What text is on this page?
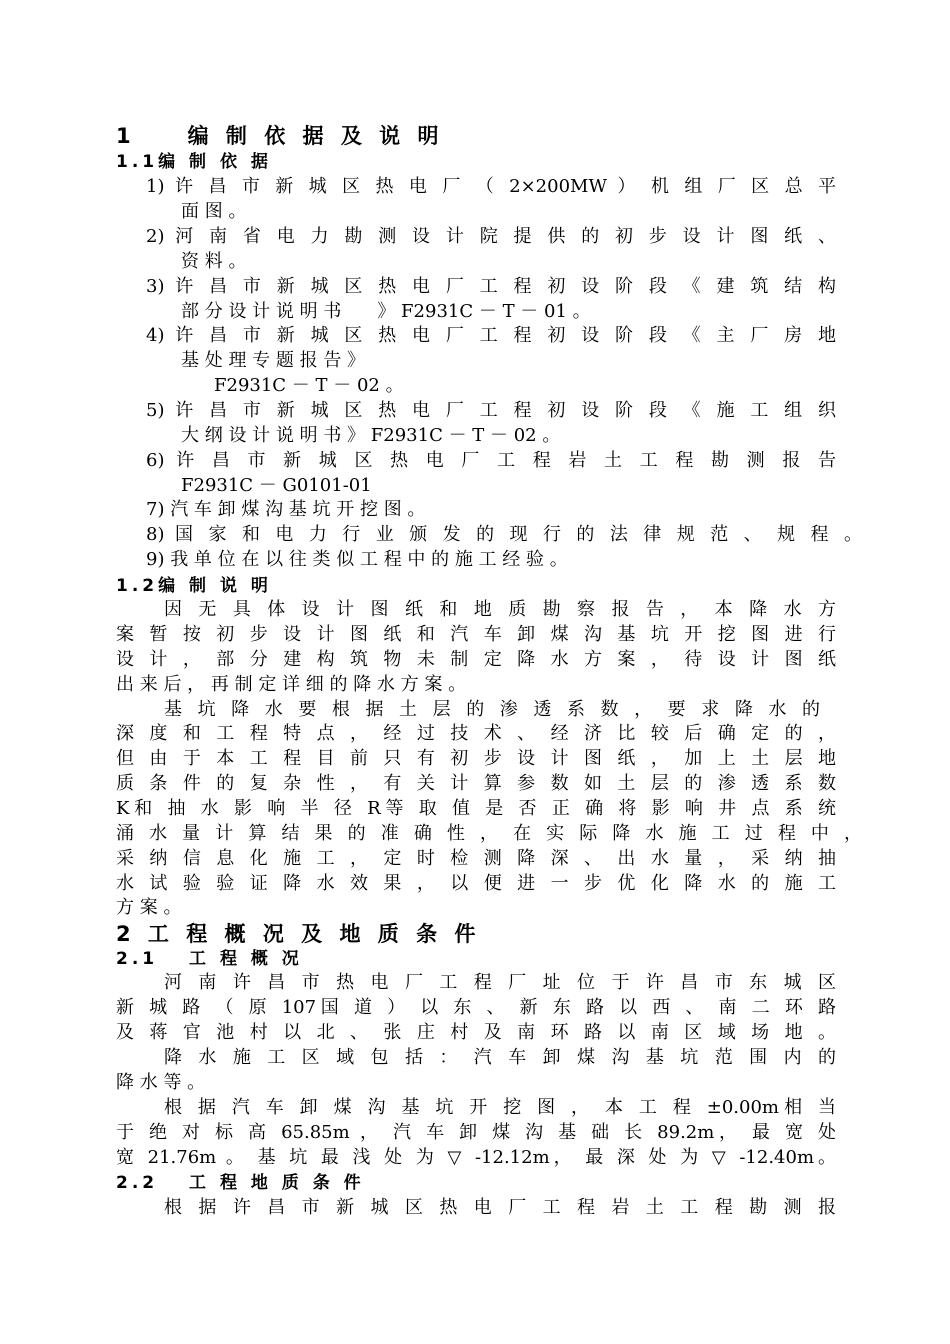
1　　编 制 依 据 及 说 明
1.1编 制 依 据
1) 许 昌 市 新 城 区 热 电 厂 （ 2×200MW ） 机 组 厂 区 总 平
面 图 。
2) 河 南 省 电 力 勘 测 设 计 院 提 供 的 初 步 设 计 图 纸 、
资 料 。
3) 许 昌 市 新 城 区 热 电 厂 工 程 初 设 阶 段 《 建 筑 结 构
部 分 设 计 说 明 书　　》 F2931C － T － 01 。
4) 许 昌 市 新 城 区 热 电 厂 工 程 初 设 阶 段 《 主 厂 房 地
基 处 理 专 题 报 告 》
F2931C － T － 02 。
5) 许 昌 市 新 城 区 热 电 厂 工 程 初 设 阶 段 《 施 工 组 织
大 纲 设 计 说 明 书 》 F2931C － T － 02 。
6) 许 昌 市 新 城 区 热 电 厂 工 程 岩 土 工 程 勘 测 报 告
F2931C － G0101-01
7) 汽 车 卸 煤 沟 基 坑 开 挖 图 。
8) 国 家 和 电 力 行 业 颁 发 的 现 行 的 法 律 规 范 、 规 程 。
9) 我 单 位 在 以 往 类 似 工 程 中 的 施 工 经 验 。
1.2编 制 说 明
因 无 具 体 设 计 图 纸 和 地 质 勘 察 报 告 ， 本 降 水 方
案 暂 按 初 步 设 计 图 纸 和 汽 车 卸 煤 沟 基 坑 开 挖 图 进 行
设 计 ， 部 分 建 构 筑 物 未 制 定 降 水 方 案 ， 待 设 计 图 纸
出 来 后 ， 再 制 定 详 细 的 降 水 方 案 。
基 坑 降 水 要 根 据 土 层 的 渗 透 系 数 ， 要 求 降 水 的
深 度 和 工 程 特 点 ， 经 过 技 术 、 经 济 比 较 后 确 定 的 ，
但 由 于 本 工 程 目 前 只 有 初 步 设 计 图 纸 ， 加 上 土 层 地
质 条 件 的 复 杂 性 ， 有 关 计 算 参 数 如 土 层 的 渗 透 系 数
K和 抽 水 影 响 半 径 R等 取 值 是 否 正 确 将 影 响 井 点 系 统
涌 水 量 计 算 结 果 的 准 确 性 ， 在 实 际 降 水 施 工 过 程 中 ，
采 纳 信 息 化 施 工 ， 定 时 检 测 降 深 、 出 水 量 ， 采 纳 抽
水 试 验 验 证 降 水 效 果 ， 以 便 进 一 步 优 化 降 水 的 施 工
方 案 。
2 工 程 概 况 及 地 质 条 件
2.1　 工 程 概 况
河 南 许 昌 市 热 电 厂 工 程 厂 址 位 于 许 昌 市 东 城 区
新 城 路 （ 原 107国 道 ） 以 东 、 新 东 路 以 西 、 南 二 环 路
及 蒋 官 池 村 以 北 、 张 庄 村 及 南 环 路 以 南 区 域 场 地 。
降 水 施 工 区 域 包 括 ： 汽 车 卸 煤 沟 基 坑 范 围 内 的
降 水 等 。
根 据 汽 车 卸 煤 沟 基 坑 开 挖 图 ， 本 工 程 ±0.00m相 当
于 绝 对 标 高 65.85m ， 汽 车 卸 煤 沟 基 础 长 89.2m， 最 宽 处
宽 21.76m 。 基 坑 最 浅 处 为 ▽ -12.12m， 最 深 处 为 ▽ -12.40m。
2.2　 工 程 地 质 条 件
根 据 许 昌 市 新 城 区 热 电 厂 工 程 岩 土 工 程 勘 测 报
